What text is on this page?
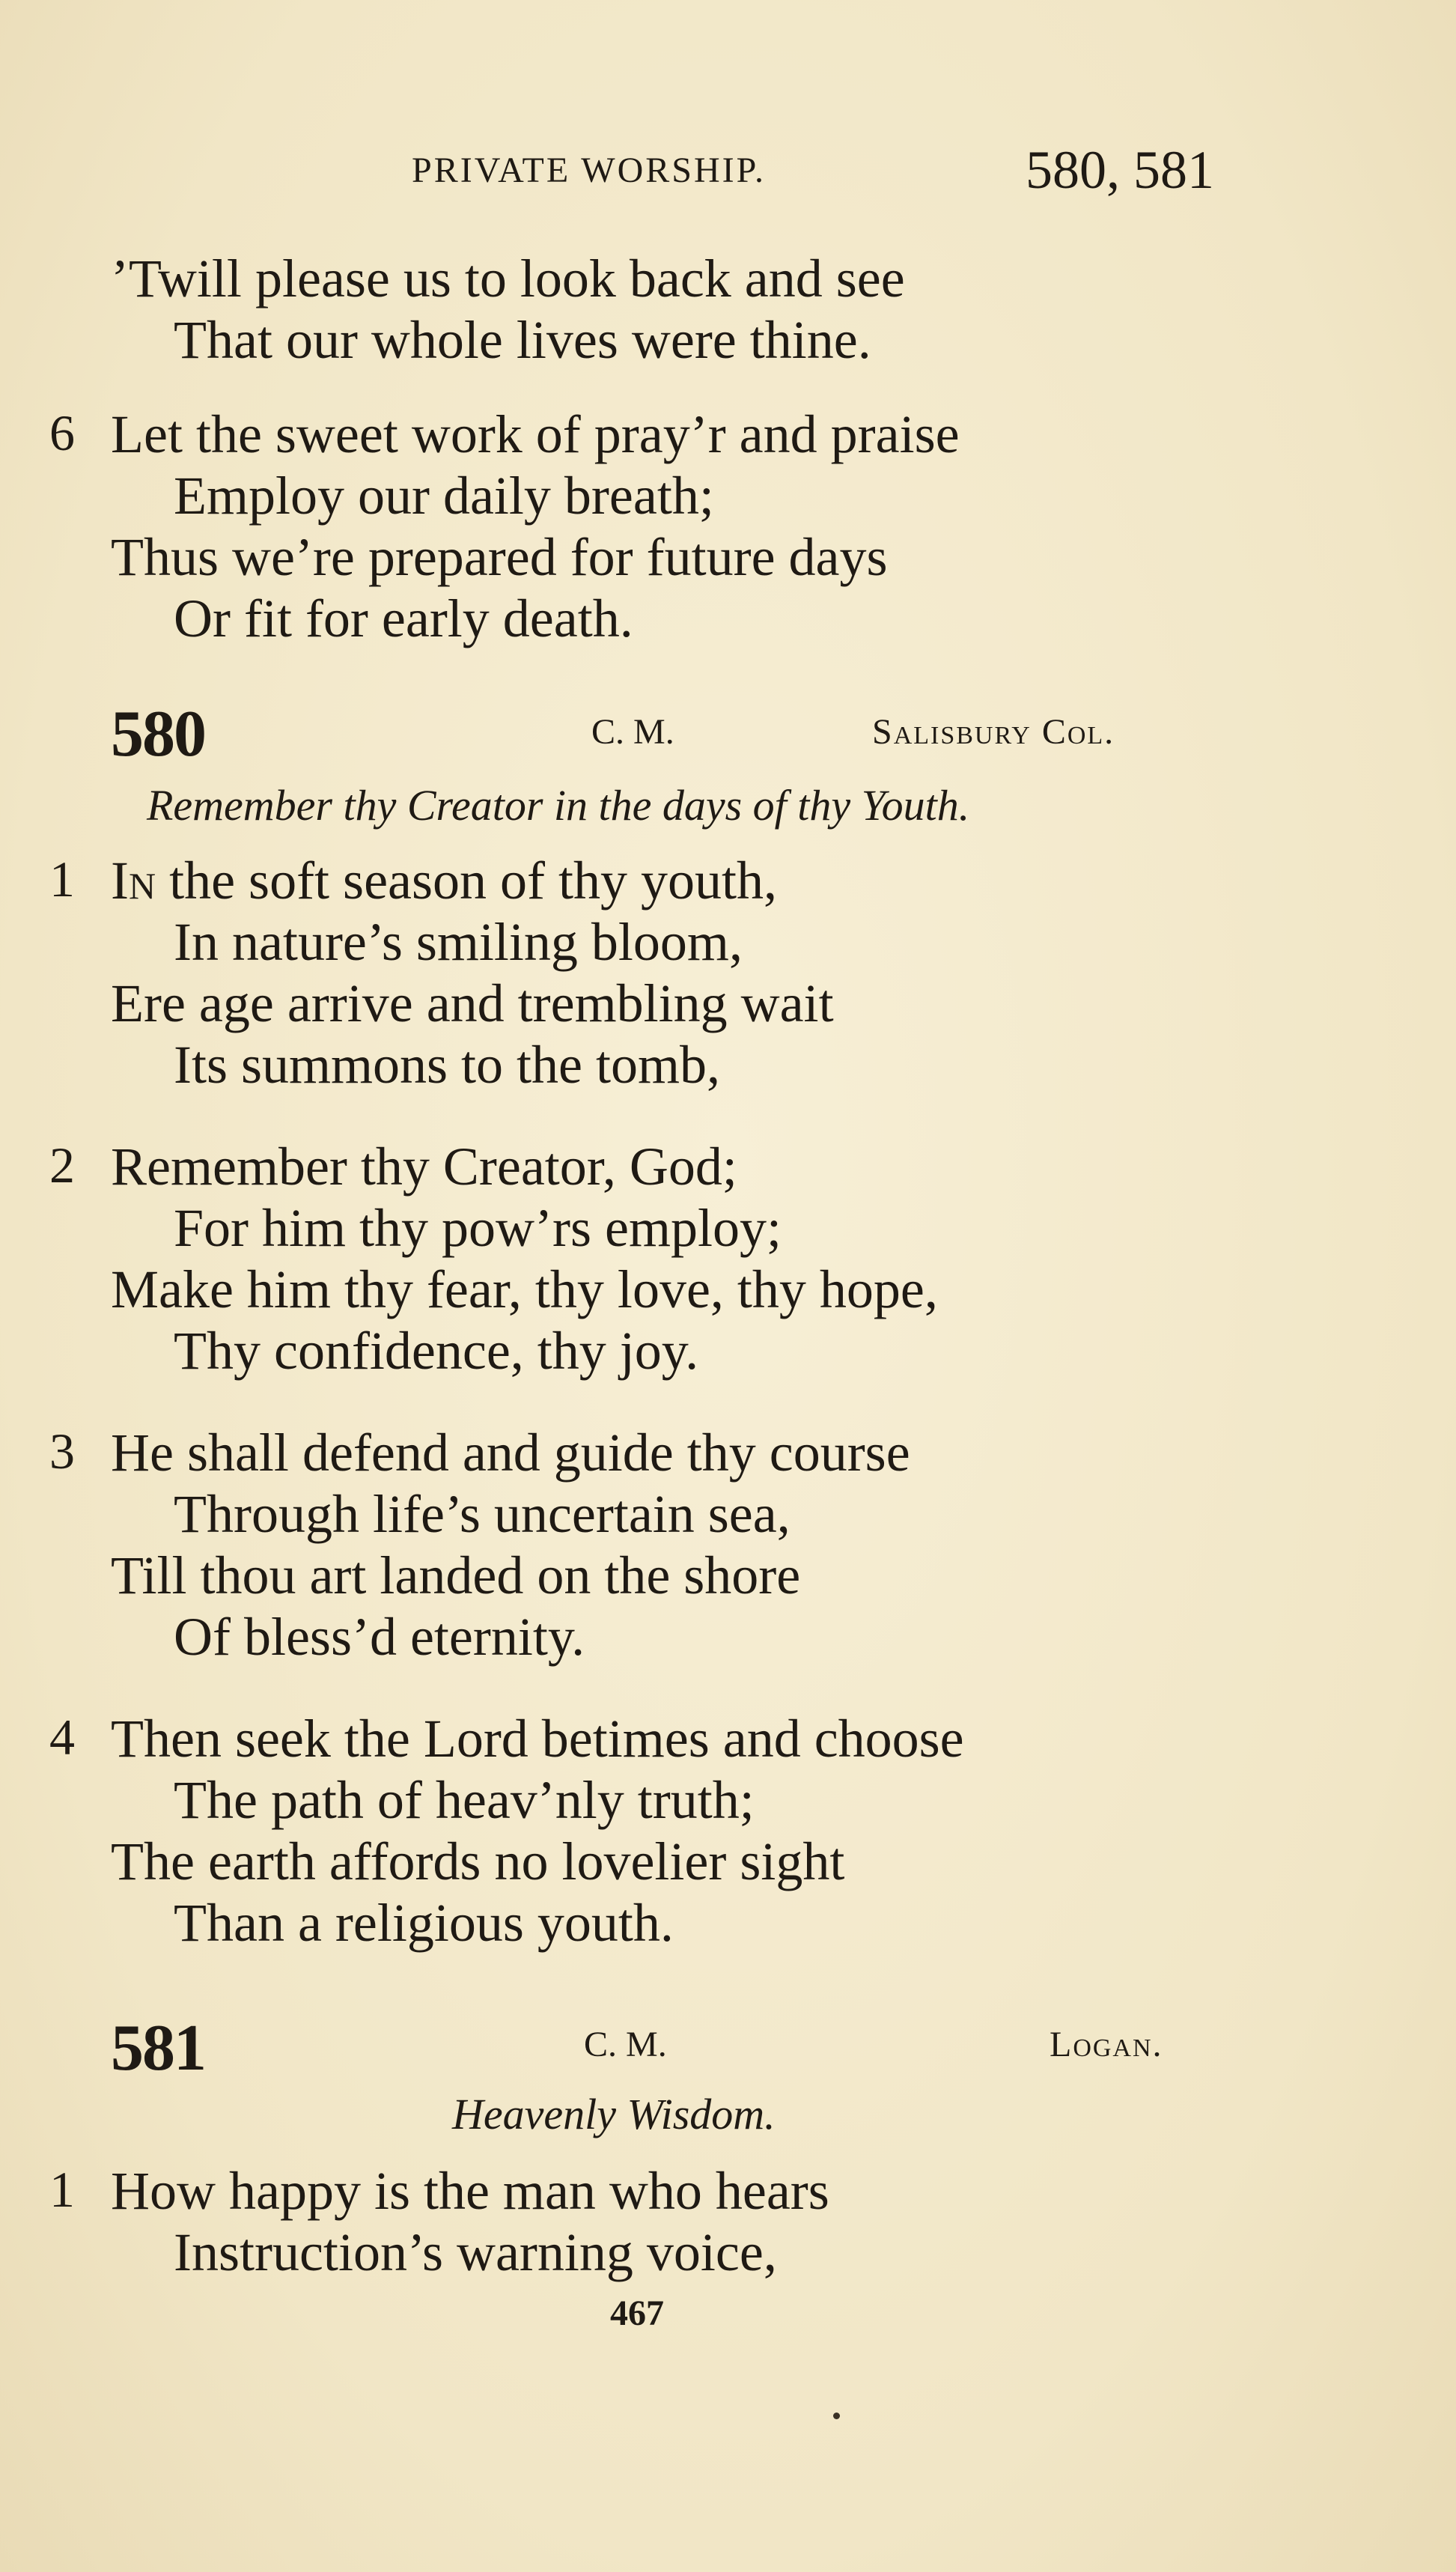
PRIVATE WORSHIP.	580, 581
’Twill please us to look back and see
That our whole lives were thine.
6 Let the sweet work of pray’r and praise
Employ our daily breath;
Thus we’re prepared for future days
Or fit for early death.
580	C. M.	Salisbury Col.
Remember thy Creator in the days of thy Youth.
1 In the soft season of thy youth,
In nature’s smiling bloom,
Ere age arrive and trembling wait
Its summons to the tomb,
2 Remember thy Creator, God;
For him thy pow’rs employ;
Make him thy fear, thy love, thy hope,
Thy confidence, thy joy.
3 He shall defend and guide thy course
Through life’s uncertain sea,
Till thou art landed on the shore
Of bless’d eternity.
4 Then seek the Lord betimes and choose
The path of heav’nly truth;
The earth affords no lovelier sight
Than a religious youth.
581	C. M.	Logan.
Heavenly Wisdom.
1 How happy is the man who hears
Instruction’s warning voice,
467
